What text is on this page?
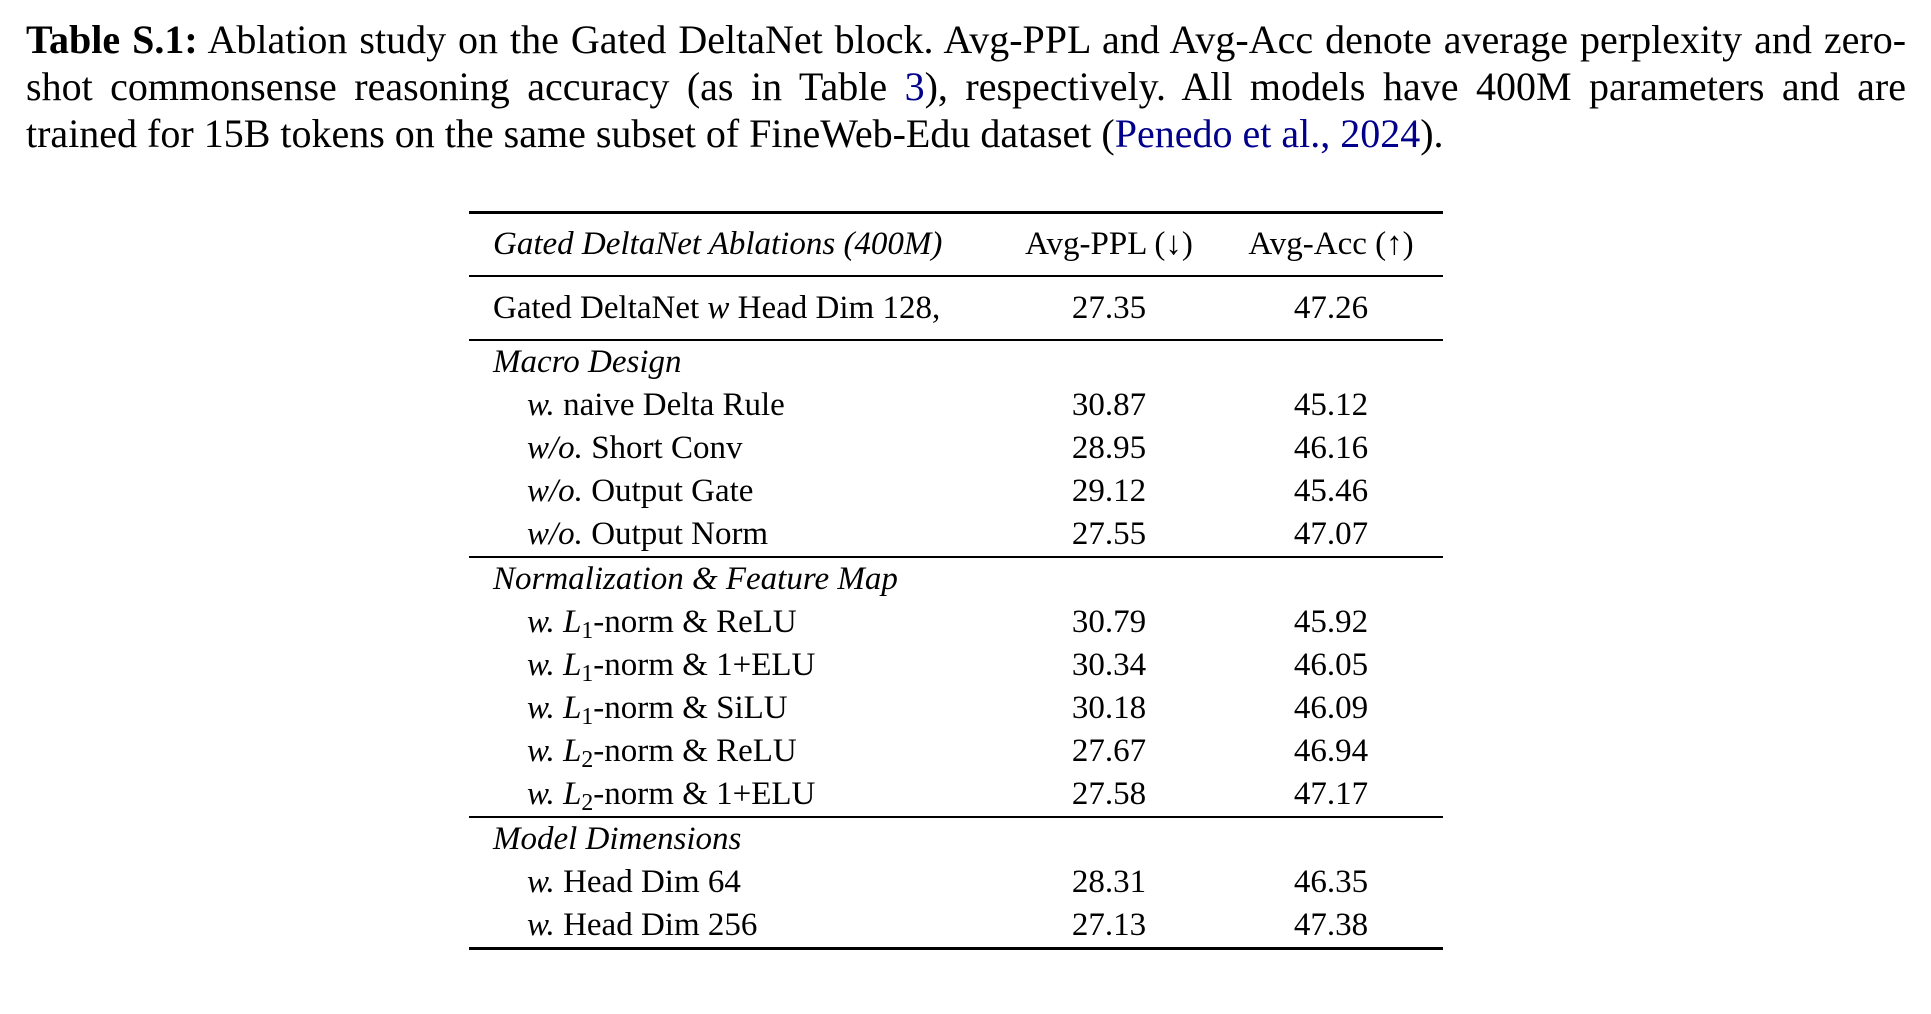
Table S.1: Ablation study on the Gated DeltaNet block. Avg-PPL and Avg-Acc denote average perplexity and zero-shot commonsense reasoning accuracy (as in Table 3), respectively. All models have 400M parameters and are trained for 15B tokens on the same subset of FineWeb-Edu dataset (Penedo et al., 2024).
Gated DeltaNet Ablations (400M)	Avg-PPL (↓)	Avg-Acc (↑)
Gated DeltaNet w Head Dim 128,	27.35	47.26
Macro Design		
w. naive Delta Rule	30.87	45.12
w/o. Short Conv	28.95	46.16
w/o. Output Gate	29.12	45.46
w/o. Output Norm	27.55	47.07
Normalization & Feature Map		
w. L1-norm & ReLU	30.79	45.92
w. L1-norm & 1+ELU	30.34	46.05
w. L1-norm & SiLU	30.18	46.09
w. L2-norm & ReLU	27.67	46.94
w. L2-norm & 1+ELU	27.58	47.17
Model Dimensions		
w. Head Dim 64	28.31	46.35
w. Head Dim 256	27.13	47.38
